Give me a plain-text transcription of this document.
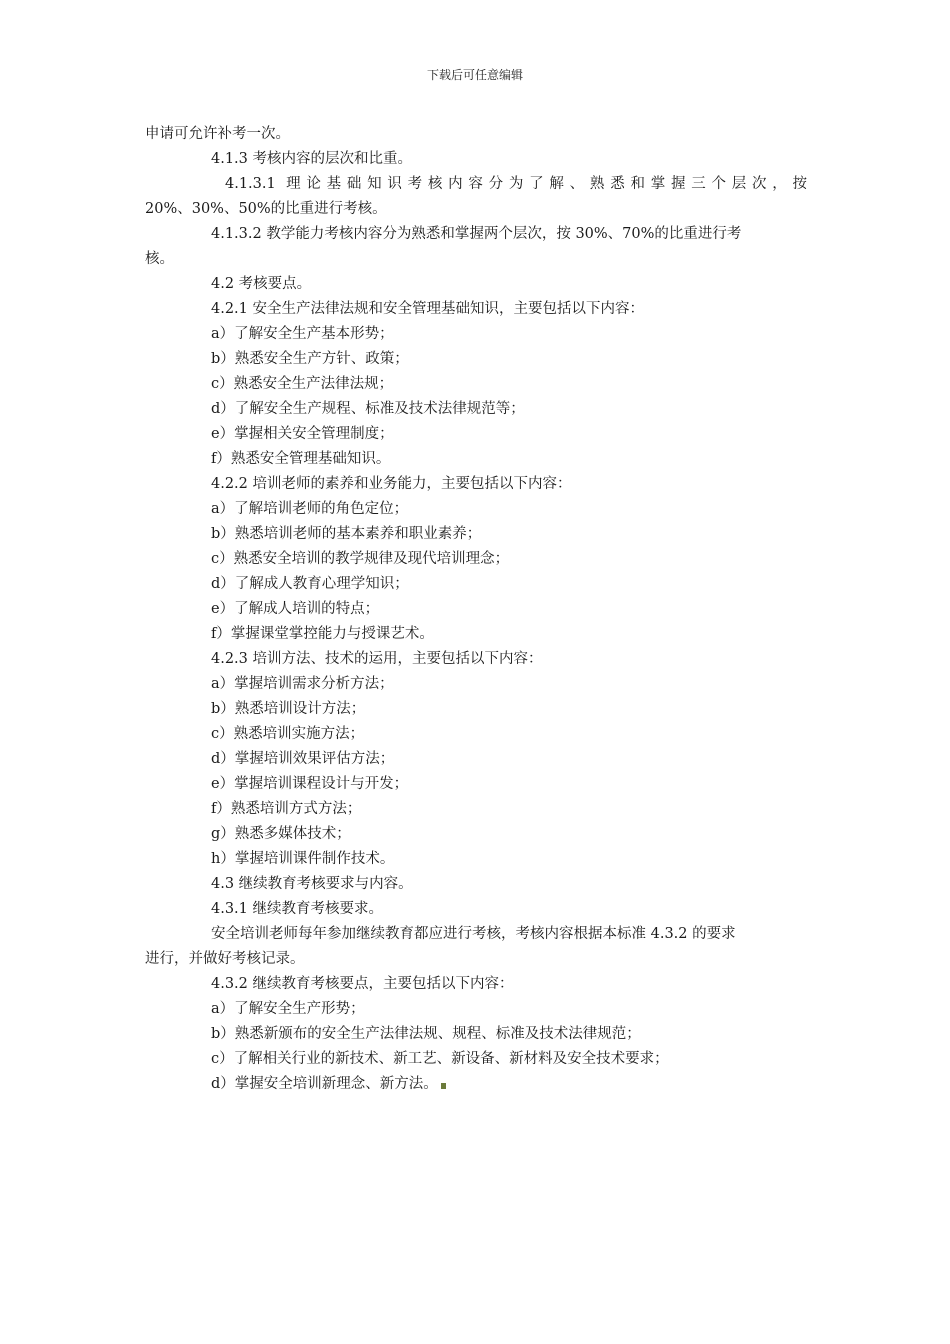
下载后可任意编辑
申请可允许补考一次。
4.1.3 考核内容的层次和比重。
4.1.3.1 理论基础知识考核内容分为了解、熟悉和掌握三个层次，按
20%、30%、50%的比重进行考核。
4.1.3.2 教学能力考核内容分为熟悉和掌握两个层次，按 30%、70%的比重进行考
核。
4.2 考核要点。
4.2.1 安全生产法律法规和安全管理基础知识，主要包括以下内容：
a）了解安全生产基本形势；
b）熟悉安全生产方针、政策；
c）熟悉安全生产法律法规；
d）了解安全生产规程、标准及技术法律规范等；
e）掌握相关安全管理制度；
f）熟悉安全管理基础知识。
4.2.2 培训老师的素养和业务能力，主要包括以下内容：
a）了解培训老师的角色定位；
b）熟悉培训老师的基本素养和职业素养；
c）熟悉安全培训的教学规律及现代培训理念；
d）了解成人教育心理学知识；
e）了解成人培训的特点；
f）掌握课堂掌控能力与授课艺术。
4.2.3 培训方法、技术的运用，主要包括以下内容：
a）掌握培训需求分析方法；
b）熟悉培训设计方法；
c）熟悉培训实施方法；
d）掌握培训效果评估方法；
e）掌握培训课程设计与开发；
f）熟悉培训方式方法；
g）熟悉多媒体技术；
h）掌握培训课件制作技术。
4.3 继续教育考核要求与内容。
4.3.1 继续教育考核要求。
安全培训老师每年参加继续教育都应进行考核，考核内容根据本标准 4.3.2 的要求
进行，并做好考核记录。
4.3.2 继续教育考核要点，主要包括以下内容：
a）了解安全生产形势；
b）熟悉新颁布的安全生产法律法规、规程、标准及技术法律规范；
c）了解相关行业的新技术、新工艺、新设备、新材料及安全技术要求；
d）掌握安全培训新理念、新方法。
